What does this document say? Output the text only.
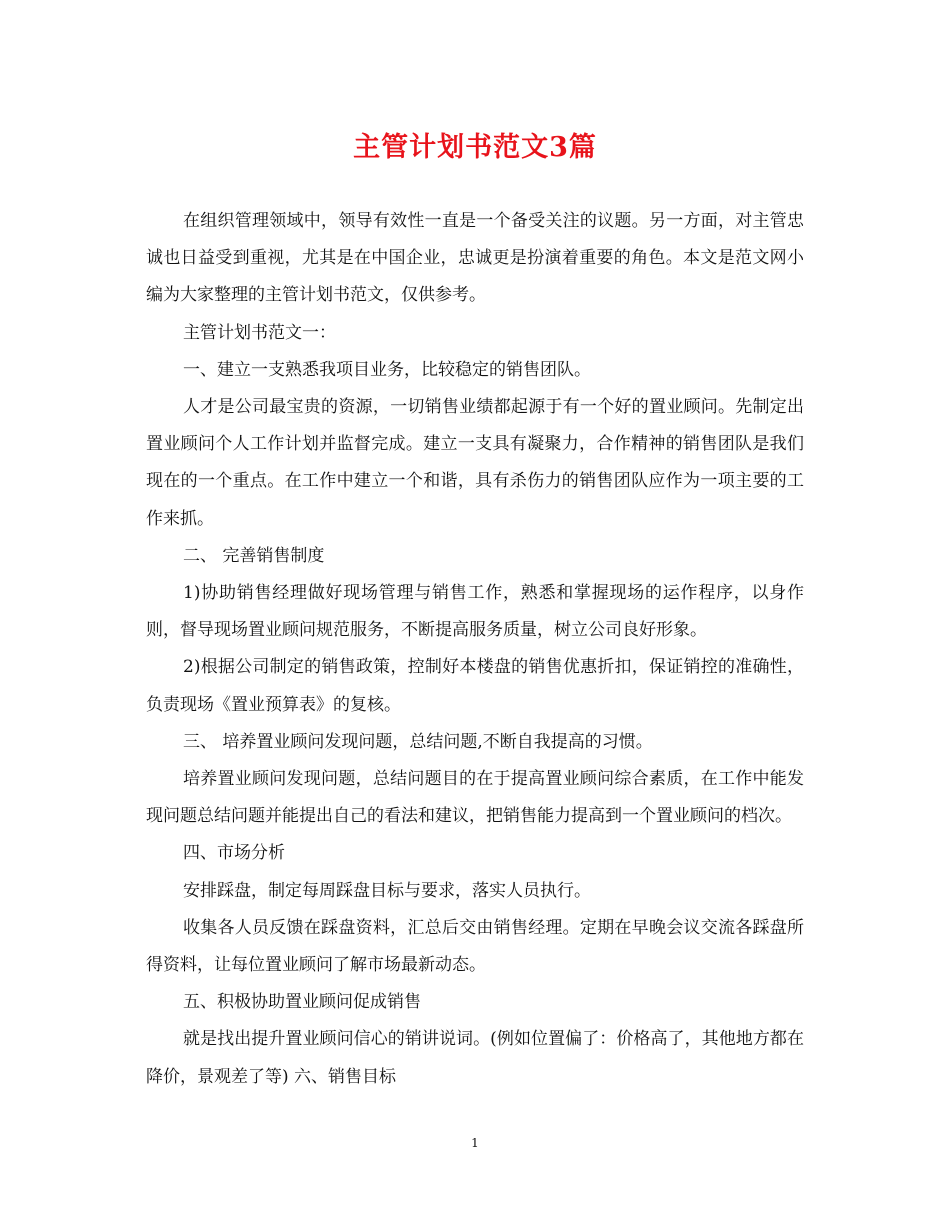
主管计划书范文3篇

在组织管理领域中，领导有效性一直是一个备受关注的议题。另一方面，对主管忠诚也日益受到重视，尤其是在中国企业，忠诚更是扮演着重要的角色。本文是范文网小编为大家整理的主管计划书范文，仅供参考。

主管计划书范文一：

一、建立一支熟悉我项目业务，比较稳定的销售团队。

人才是公司最宝贵的资源，一切销售业绩都起源于有一个好的置业顾问。先制定出置业顾问个人工作计划并监督完成。建立一支具有凝聚力，合作精神的销售团队是我们现在的一个重点。在工作中建立一个和谐，具有杀伤力的销售团队应作为一项主要的工作来抓。

二、 完善销售制度

1)协助销售经理做好现场管理与销售工作，熟悉和掌握现场的运作程序，以身作则，督导现场置业顾问规范服务，不断提高服务质量，树立公司良好形象。

2)根据公司制定的销售政策，控制好本楼盘的销售优惠折扣，保证销控的准确性，负责现场《置业预算表》的复核。

三、 培养置业顾问发现问题，总结问题,不断自我提高的习惯。

培养置业顾问发现问题，总结问题目的在于提高置业顾问综合素质，在工作中能发现问题总结问题并能提出自己的看法和建议，把销售能力提高到一个置业顾问的档次。

四、市场分析

安排踩盘，制定每周踩盘目标与要求，落实人员执行。

收集各人员反馈在踩盘资料，汇总后交由销售经理。定期在早晚会议交流各踩盘所得资料，让每位置业顾问了解市场最新动态。

五、积极协助置业顾问促成销售

就是找出提升置业顾问信心的销讲说词。(例如位置偏了：价格高了，其他地方都在降价，景观差了等) 六、销售目标

1
